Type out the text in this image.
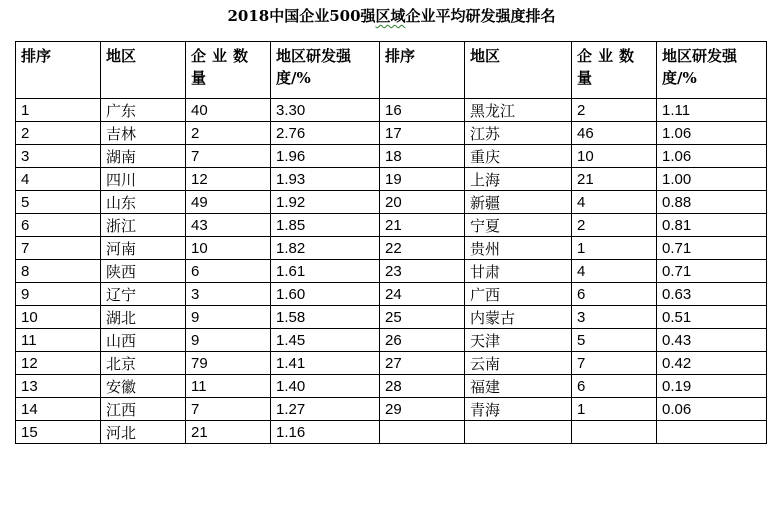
2018中国企业500强区域企业平均研发强度排名
排序	地区	企业数量	地区研发强度/%	排序	地区	企业数量	地区研发强度/%
1	广东	40	3.30	16	黑龙江	2	1.11
2	吉林	2	2.76	17	江苏	46	1.06
3	湖南	7	1.96	18	重庆	10	1.06
4	四川	12	1.93	19	上海	21	1.00
5	山东	49	1.92	20	新疆	4	0.88
6	浙江	43	1.85	21	宁夏	2	0.81
7	河南	10	1.82	22	贵州	1	0.71
8	陕西	6	1.61	23	甘肃	4	0.71
9	辽宁	3	1.60	24	广西	6	0.63
10	湖北	9	1.58	25	内蒙古	3	0.51
11	山西	9	1.45	26	天津	5	0.43
12	北京	79	1.41	27	云南	7	0.42
13	安徽	11	1.40	28	福建	6	0.19
14	江西	7	1.27	29	青海	1	0.06
15	河北	21	1.16				
